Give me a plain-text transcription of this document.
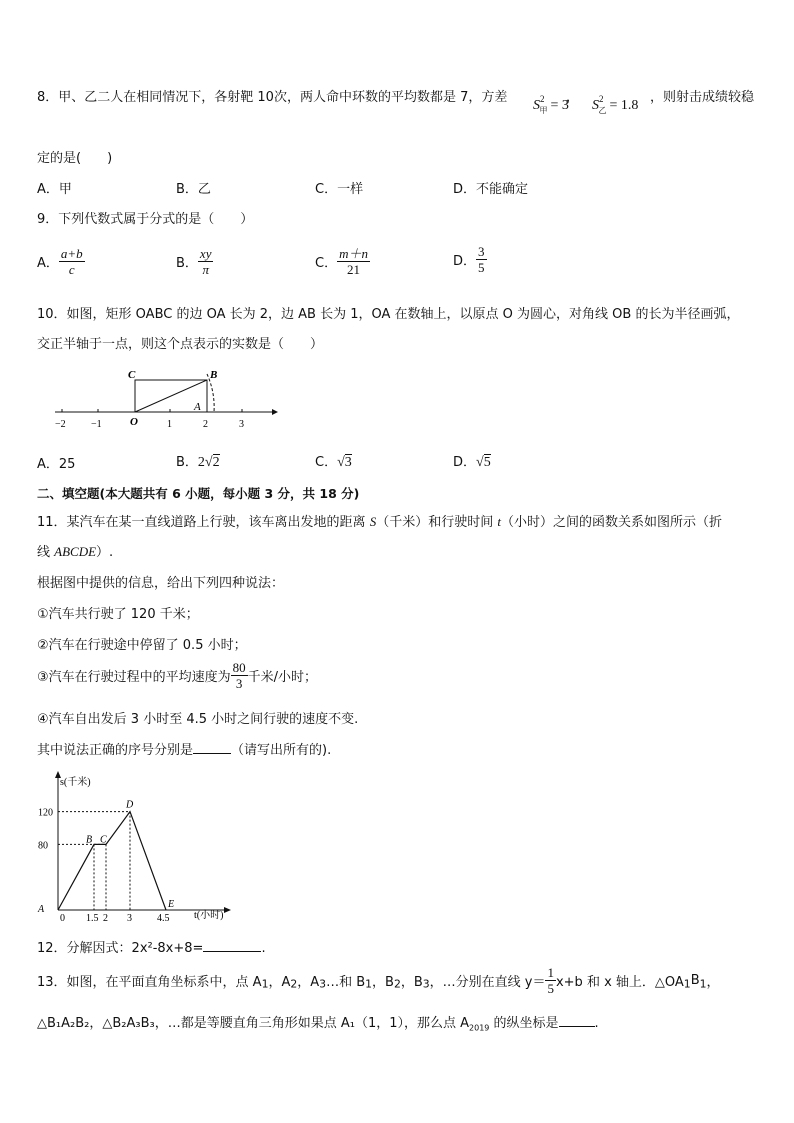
8．甲、乙二人在相同情况下，各射靶 10次，两人命中环数的平均数都是 7，方差	，
$S^2_甲 = 3$ $S^2_乙 = 1.8$
，则射击成绩较稳
定的是(　　)
A．甲	B．乙	C．一样	D．不能确定
9．下列代数式属于分式的是（　　）
A． $\frac{a+b}{c}$	B． $\frac{xy}{\pi}$	C． $\frac{m+n}{21}$	D． $\frac{3}{5}$
10．如图，矩形 OABC 的边 OA 长为 2，边 AB 长为 1，OA 在数轴上，以原点 O 为圆心，对角线 OB 的长为半径画弧，
交正半轴于一点，则这个点表示的实数是（　　）
C	B
A
O
−2	−1	1	2	3
A．25	B．2√2	C．√3	D．√5
二、填空题(本大题共有 6 小题，每小题 3 分，共 18 分)
11．某汽车在某一直线道路上行驶，该车离出发地的距离 S（千米）和行驶时间 t（小时）之间的函数关系如图所示（折
线 ABCDE）.
根据图中提供的信息，给出下列四种说法：
①汽车共行驶了 120 千米；
②汽车在行驶途中停留了 0.5 小时；
③汽车在行驶过程中的平均速度为 $\frac{80}{3}$ 千米/小时；
④汽车自出发后 3 小时至 4.5 小时之间行驶的速度不变.
其中说法正确的序号分别是	（请写出所有的).
s(千米)
t(小时)
120
80
0 1.5 2 3	4.5
A
B C
D
E
12．分解因式：2x²-8x+8=	.
13．如图，在平面直角坐标系中，点 $A_1$，$A_2$，$A_3\dots$和 $B_1$，$B_2$，$B_3$，…分别在直线 $y= \frac{1}{5} x+b$ 和 x 轴上．$\triangle OA_1B_1$，
△B₁A₂B₂，△B₂A₃B₃，…都是等腰直角三角形如果点 A₁（1，1），那么点 $A_{2019}$ 的纵坐标是	.
